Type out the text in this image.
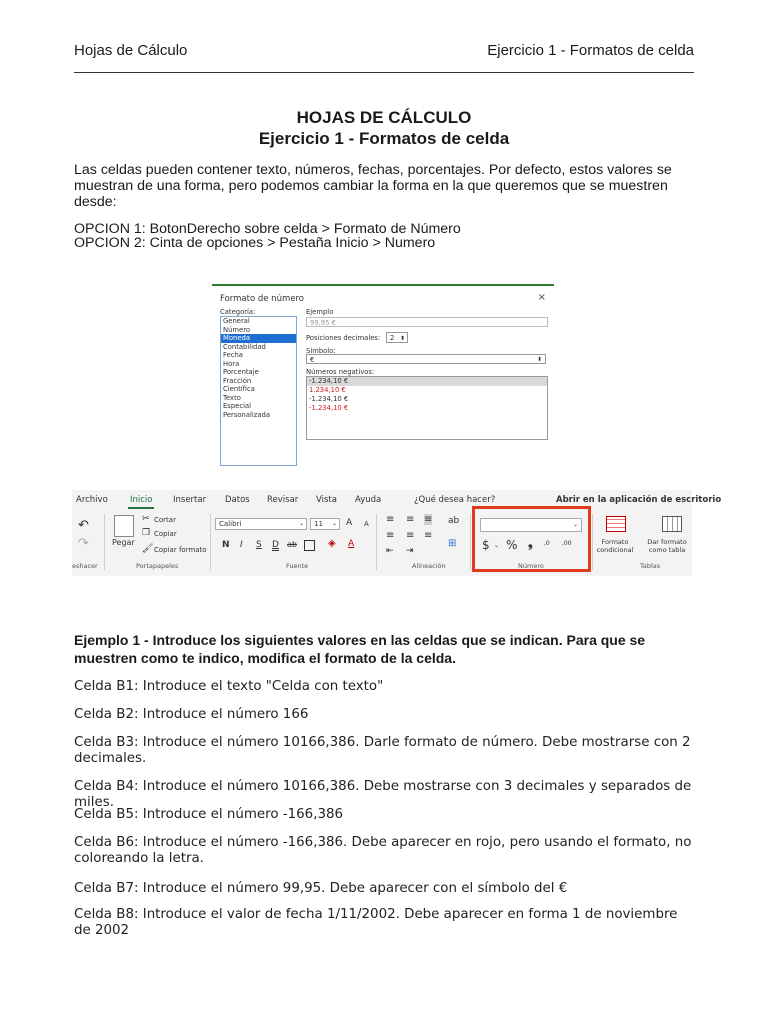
Hojas de Cálculo	Ejercicio 1 - Formatos de celda
HOJAS DE CÁLCULO
Ejercicio 1 - Formatos de celda
Las celdas pueden contener texto, números, fechas, porcentajes. Por defecto, estos valores se muestran de una forma, pero podemos cambiar la forma en la que queremos que se muestren desde:
OPCION 1: BotonDerecho sobre celda > Formato de Número
OPCION 2: Cinta de opciones > Pestaña Inicio > Numero
Formato de número	×
Categoría:
General
Número
Moneda
Contabilidad
Fecha
Hora
Porcentaje
Fracción
Científica
Texto
Especial
Personalizada
Ejemplo
99,95 €
Posiciones decimales:	2 ⬍
Símbolo:
€	⬍
Números negativos:
-1.234,10 €
1.234,10 €
-1.234,10 €
-1.234,10 €
Archivo	Inicio Insertar Datos Revisar Vista Ayuda	¿Qué desea hacer?	Abrir en la aplicación de escritorio
↶
↷
eshacer
Pegar
✂ Cortar
❐ Copiar
🖌 Copiar formato
Portapapeles
Calibri	⌄	11 ⌄ A A
N I S D ab	◈ A
Fuente
≡ ≡ ≡ ab
≡ ≡ ≡
⊞
⇤ ⇥
Alineación
⌄
$ ⌄ % ❟ ,0 ,00
Número
Formato condicional
Dar formato como tabla
Tablas
Ejemplo 1 - Introduce los siguientes valores en las celdas que se indican. Para que se muestren como te indico, modifica el formato de la celda.
Celda B1: Introduce el texto "Celda con texto"
Celda B2: Introduce el número 166
Celda B3: Introduce el número 10166,386. Darle formato de número. Debe mostrarse con 2 decimales.
Celda B4: Introduce el número 10166,386. Debe mostrarse con 3 decimales y separados de miles.
Celda B5: Introduce el número -166,386
Celda B6: Introduce el número -166,386. Debe aparecer en rojo, pero usando el formato, no coloreando la letra.
Celda B7: Introduce el número 99,95. Debe aparecer con el símbolo del €
Celda B8: Introduce el valor de fecha 1/11/2002. Debe aparecer en forma 1 de noviembre de 2002
